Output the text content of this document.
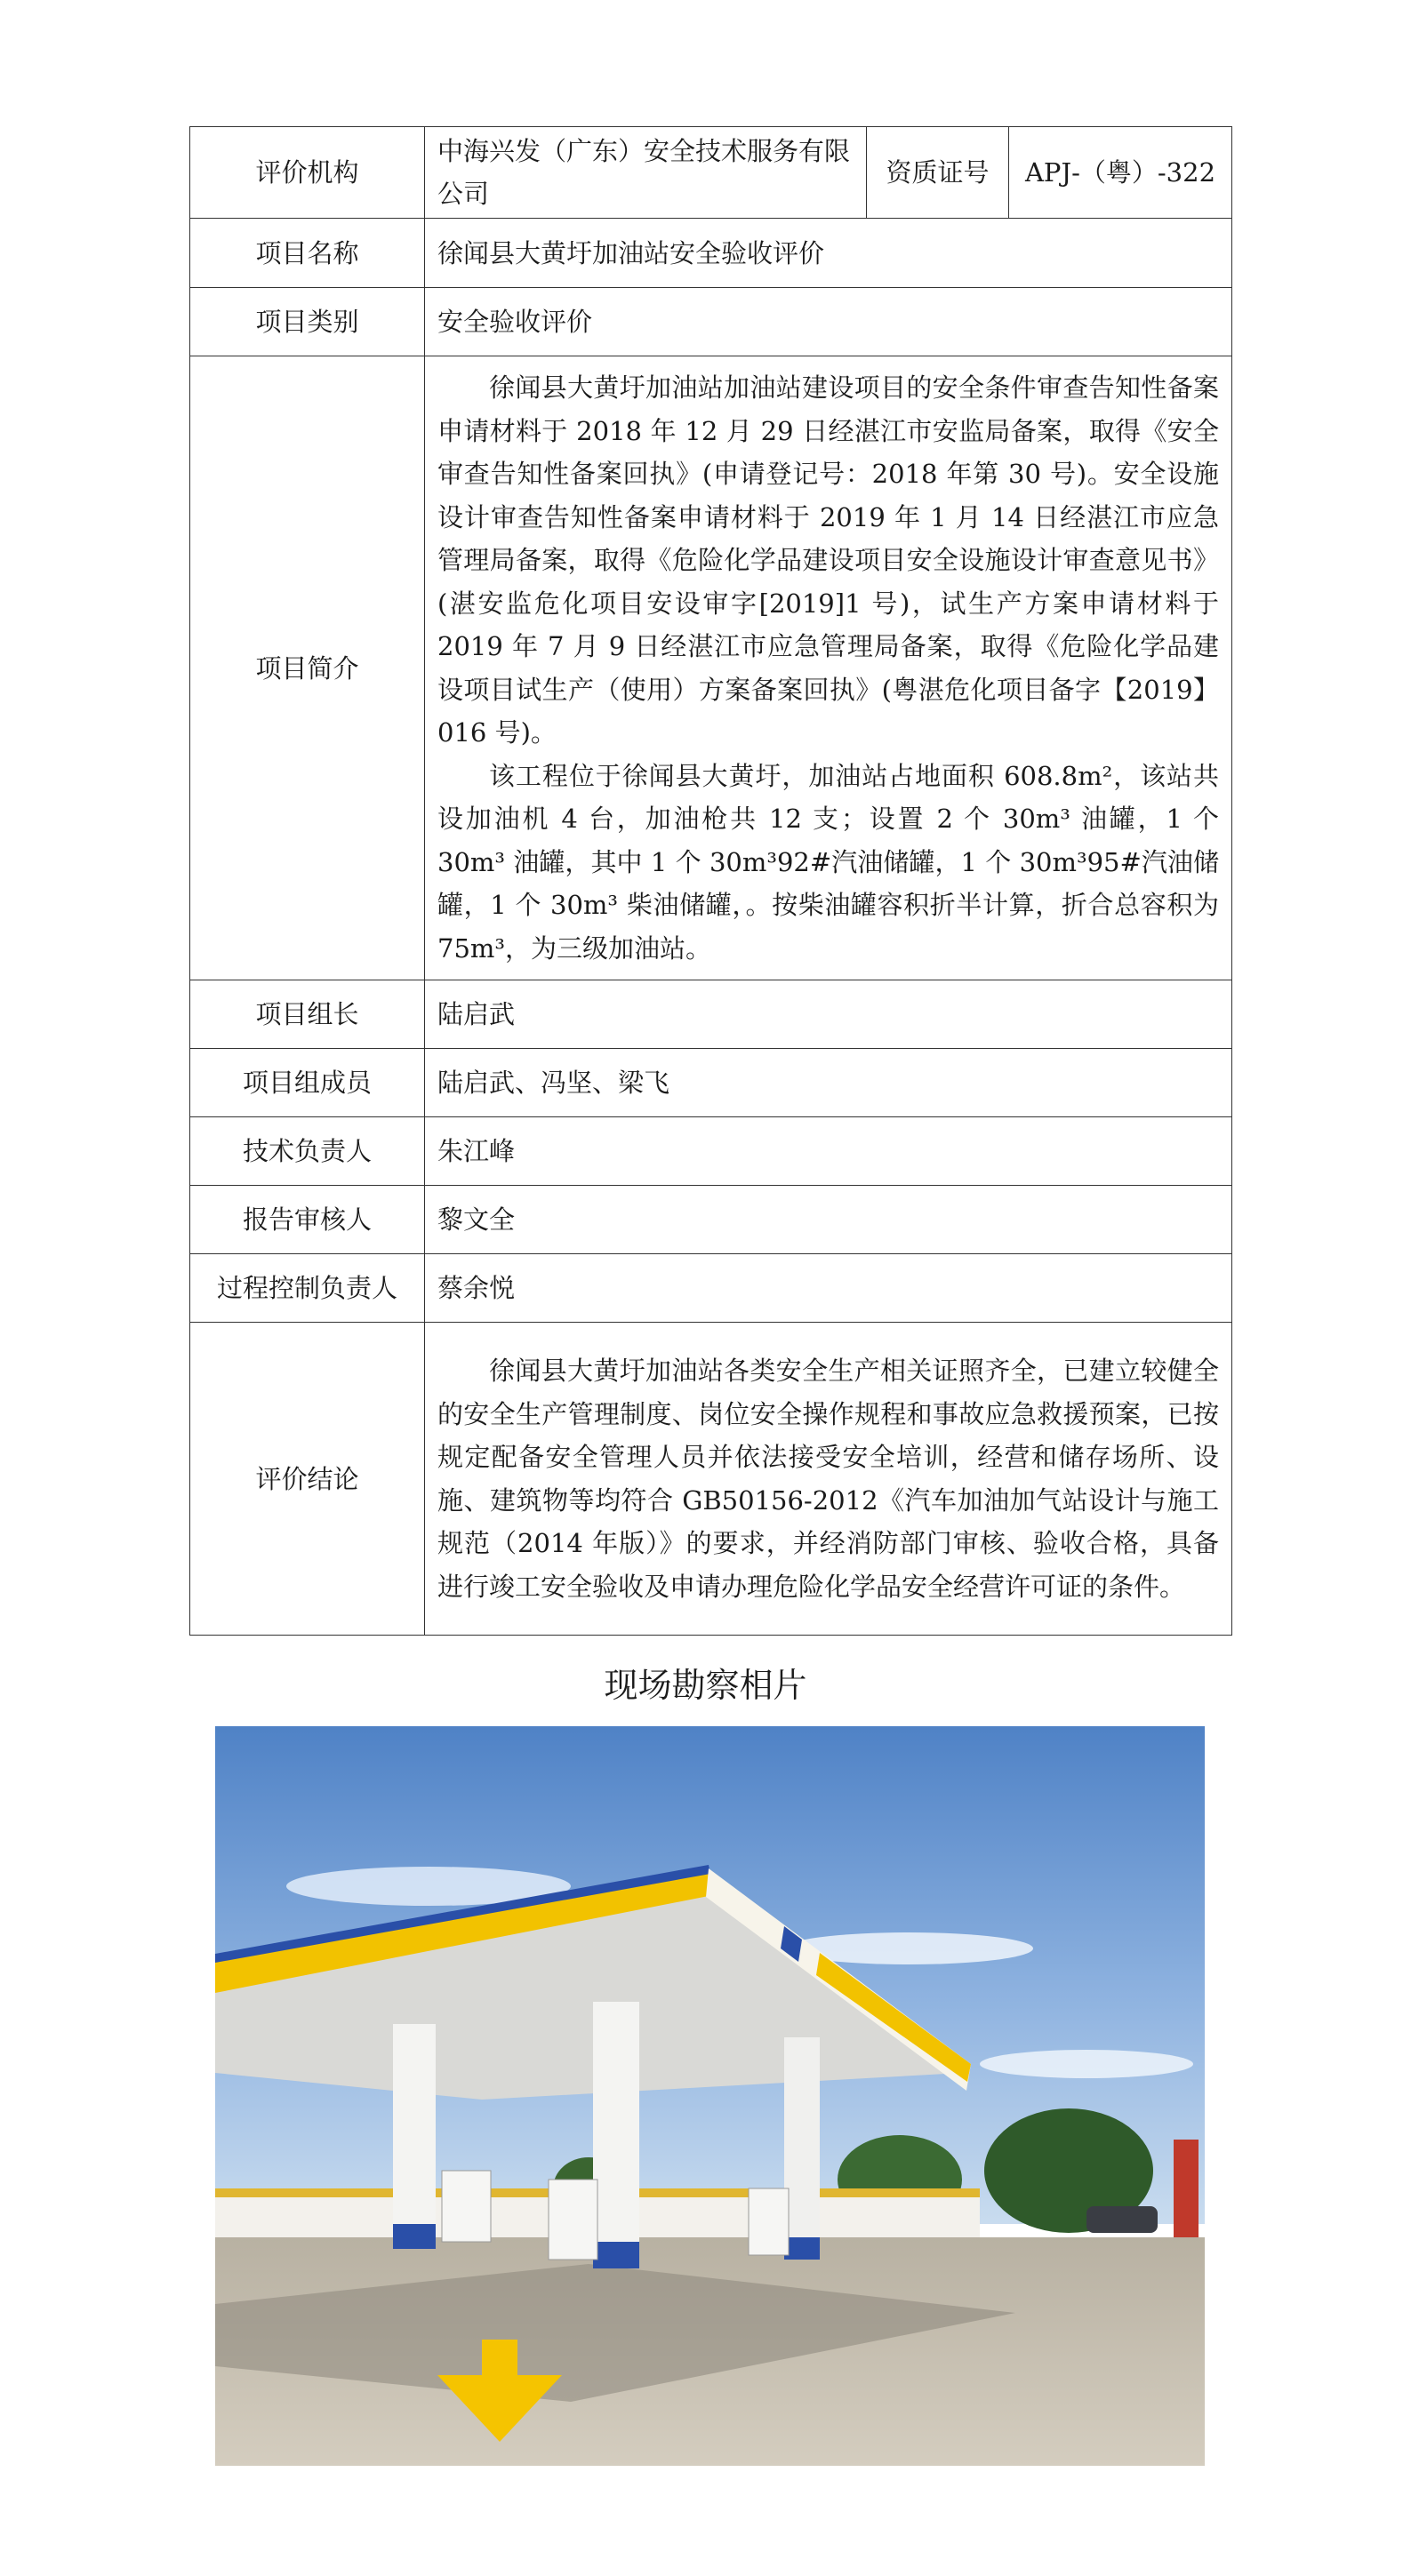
评价机构	中海兴发（广东）安全技术服务有限公司	资质证号	APJ-（粤）-322
项目名称	徐闻县大黄圩加油站安全验收评价		
项目类别	安全验收评价		
项目简介	徐闻县大黄圩加油站加油站建设项目的安全条件审查告知性备案申请材料于 2018 年 12 月 29 日经湛江市安监局备案，取得《安全审查告知性备案回执》(申请登记号：2018 年第 30 号)。安全设施设计审查告知性备案申请材料于 2019 年 1 月 14 日经湛江市应急管理局备案，取得《危险化学品建设项目安全设施设计审查意见书》(湛安监危化项目安设审字[2019]1 号)，试生产方案申请材料于 2019 年 7 月 9 日经湛江市应急管理局备案，取得《危险化学品建设项目试生产（使用）方案备案回执》(粤湛危化项目备字【2019】016 号)。

该工程位于徐闻县大黄圩，加油站占地面积 608.8m²，该站共设加油机 4 台，加油枪共 12 支；设置 2 个 30m³ 油罐，1 个 30m³ 油罐，其中 1 个 30m³92#汽油储罐，1 个 30m³95#汽油储罐，1 个 30m³ 柴油储罐，。按柴油罐容积折半计算，折合总容积为 75m³，为三级加油站。		

项目组长	陆启武		
项目组成员	陆启武、冯坚、梁飞		
技术负责人	朱江峰		
报告审核人	黎文全		
过程控制负责人	蔡余悦		
评价结论	徐闻县大黄圩加油站各类安全生产相关证照齐全，已建立较健全的安全生产管理制度、岗位安全操作规程和事故应急救援预案，已按规定配备安全管理人员并依法接受安全培训，经营和储存场所、设施、建筑物等均符合 GB50156-2012《汽车加油加气站设计与施工规范（2014 年版）》的要求，并经消防部门审核、验收合格，具备进行竣工安全验收及申请办理危险化学品安全经营许可证的条件。		

现场勘察相片
